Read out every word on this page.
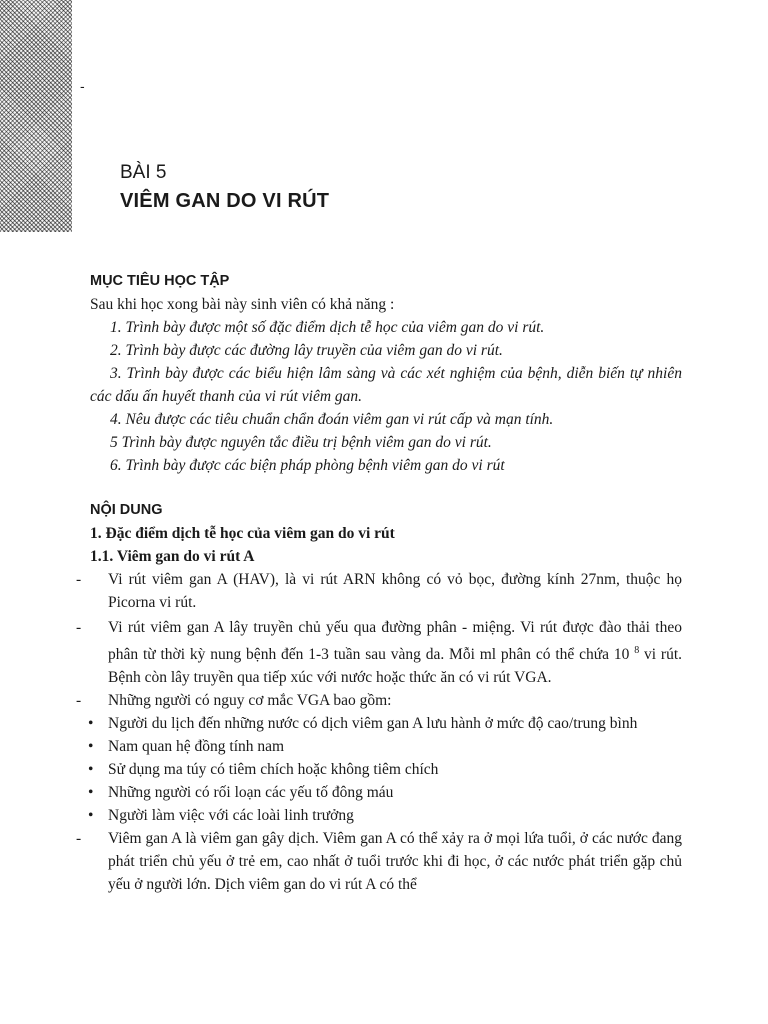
-
BÀI 5
VIÊM GAN DO VI RÚT
MỤC TIÊU HỌC TẬP
Sau khi học xong bài này sinh viên có khả năng :
1. Trình bày được một số đặc điểm dịch tễ học của viêm gan do vi rút.
2. Trình bày được các đường lây truyền của viêm gan do vi rút.
3. Trình bày được các biểu hiện lâm sàng và các xét nghiệm của bệnh, diễn biến tự nhiên các dấu ấn huyết thanh của vi rút viêm gan.
4. Nêu được các tiêu chuẩn chẩn đoán viêm gan vi rút cấp và mạn tính.
5 Trình bày được nguyên tắc điều trị bệnh viêm gan do vi rút.
6. Trình bày được các biện pháp phòng bệnh viêm gan do vi rút
NỘI DUNG
1. Đặc điểm dịch tễ học của viêm gan do vi rút
1.1. Viêm gan do vi rút A
- Vi rút viêm gan A (HAV), là vi rút ARN không có vỏ bọc, đường kính 27nm, thuộc họ Picorna vi rút.
- Vi rút viêm gan A lây truyền chủ yếu qua đường phân - miệng. Vi rút được đào thải theo phân từ thời kỳ nung bệnh đến 1-3 tuần sau vàng da. Mỗi ml phân có thể chứa 10 $^8$ vi rút. Bệnh còn lây truyền qua tiếp xúc với nước hoặc thức ăn có vi rút VGA.
- Những người có nguy cơ mắc VGA bao gồm:
• Người du lịch đến những nước có dịch viêm gan A lưu hành ở mức độ cao/trung bình
• Nam quan hệ đồng tính nam
• Sử dụng ma túy có tiêm chích hoặc không tiêm chích
• Những người có rối loạn các yếu tố đông máu
• Người làm việc với các loài linh trưởng
- Viêm gan A là viêm gan gây dịch. Viêm gan A có thể xảy ra ở mọi lứa tuổi, ở các nước đang phát triển chủ yếu ở trẻ em, cao nhất ở tuổi trước khi đi học, ở các nước phát triển gặp chủ yếu ở người lớn. Dịch viêm gan do vi rút A có thể
